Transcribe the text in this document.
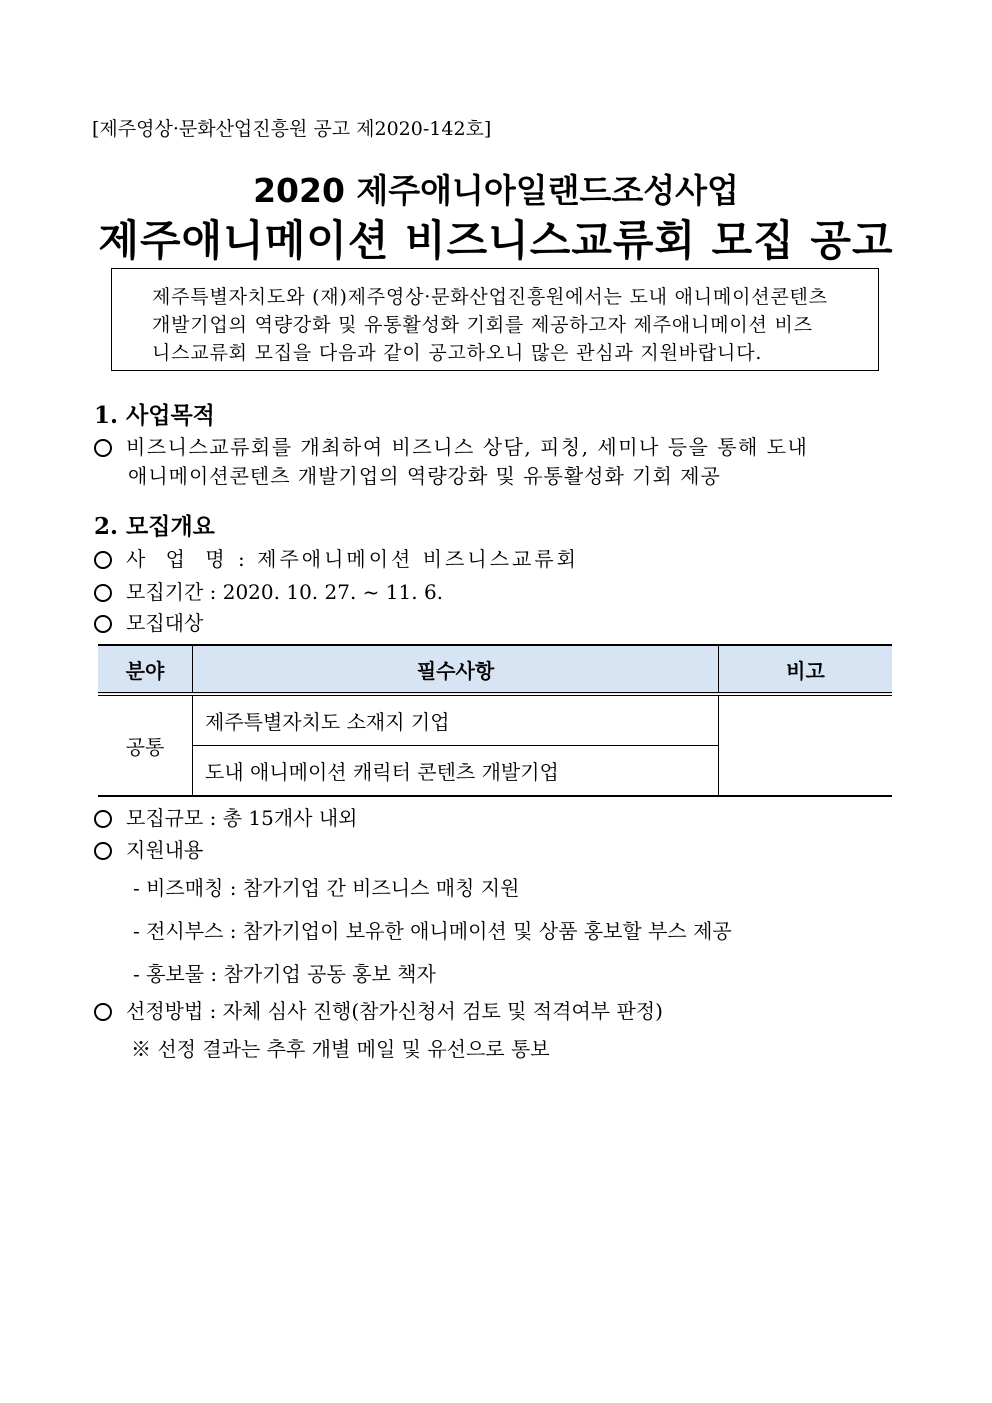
[제주영상·문화산업진흥원 공고 제2020-142호]
2020 제주애니아일랜드조성사업
제주애니메이션 비즈니스교류회 모집 공고
제주특별자치도와 (재)제주영상·문화산업진흥원에서는 도내 애니메이션콘텐츠
개발기업의 역량강화 및 유통활성화 기회를 제공하고자 제주애니메이션 비즈
니스교류회 모집을 다음과 같이 공고하오니 많은 관심과 지원바랍니다.
1. 사업목적
비즈니스교류회를 개최하여 비즈니스 상담, 피칭, 세미나 등을 통해 도내
애니메이션콘텐츠 개발기업의 역량강화 및 유통활성화 기회 제공
2. 모집개요
사 업 명 : 제주애니메이션 비즈니스교류회
모집기간 : 2020. 10. 27. ~ 11. 6.
모집대상
분야	필수사항	비고
공통	제주특별자치도 소재지 기업	
	도내 애니메이션 캐릭터 콘텐츠 개발기업	
모집규모 : 총 15개사 내외
지원내용
- 비즈매칭 : 참가기업 간 비즈니스 매칭 지원
- 전시부스 : 참가기업이 보유한 애니메이션 및 상품 홍보할 부스 제공
- 홍보물 : 참가기업 공동 홍보 책자
선정방법 : 자체 심사 진행(참가신청서 검토 및 적격여부 판정)
※ 선정 결과는 추후 개별 메일 및 유선으로 통보
